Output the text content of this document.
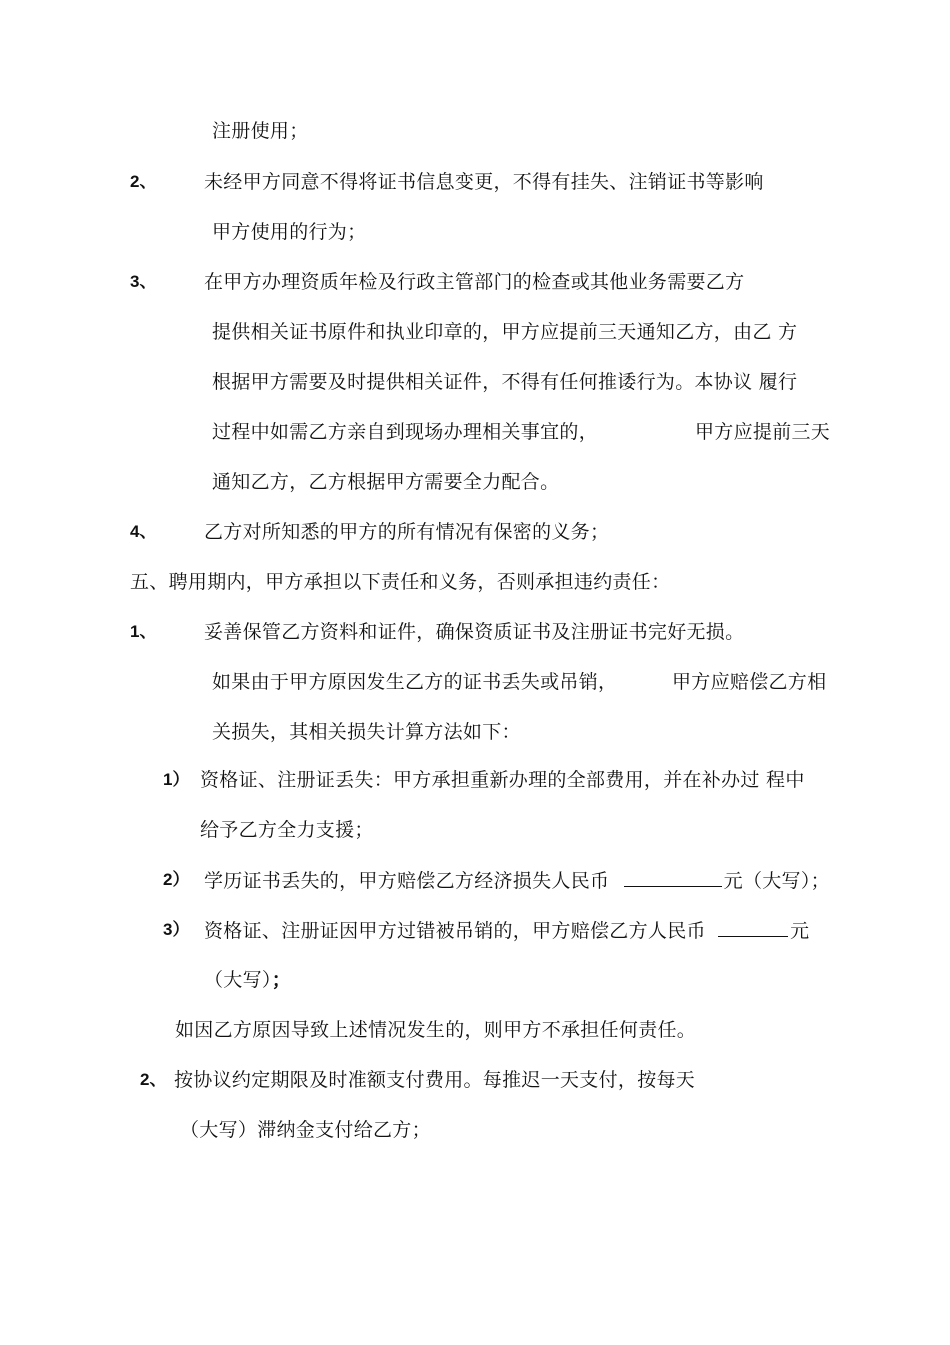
注册使用；
2、	未经甲方同意不得将证书信息变更，不得有挂失、注销证书等影响
甲方使用的行为；
3、	在甲方办理资质年检及行政主管部门的检查或其他业务需要乙方
提供相关证书原件和执业印章的，甲方应提前三天通知乙方，由乙 方
根据甲方需要及时提供相关证件，不得有任何推诿行为。本协议 履行
过程中如需乙方亲自到现场办理相关事宜的，	甲方应提前三天
通知乙方，乙方根据甲方需要全力配合。
4、	乙方对所知悉的甲方的所有情况有保密的义务；
五、聘用期内，甲方承担以下责任和义务，否则承担违约责任：
1、	妥善保管乙方资料和证件，确保资质证书及注册证书完好无损。
如果由于甲方原因发生乙方的证书丢失或吊销，	甲方应赔偿乙方相
关损失，其相关损失计算方法如下：
1） 资格证、注册证丢失：甲方承担重新办理的全部费用，并在补办过 程中
给予乙方全力支援；
2） 学历证书丢失的，甲方赔偿乙方经济损失人民币	元（大写）；
3） 资格证、注册证因甲方过错被吊销的，甲方赔偿乙方人民币	元
（大写）；
如因乙方原因导致上述情况发生的，则甲方不承担任何责任。
2、 按协议约定期限及时准额支付费用。每推迟一天支付，按每天
（大写）滞纳金支付给乙方；
